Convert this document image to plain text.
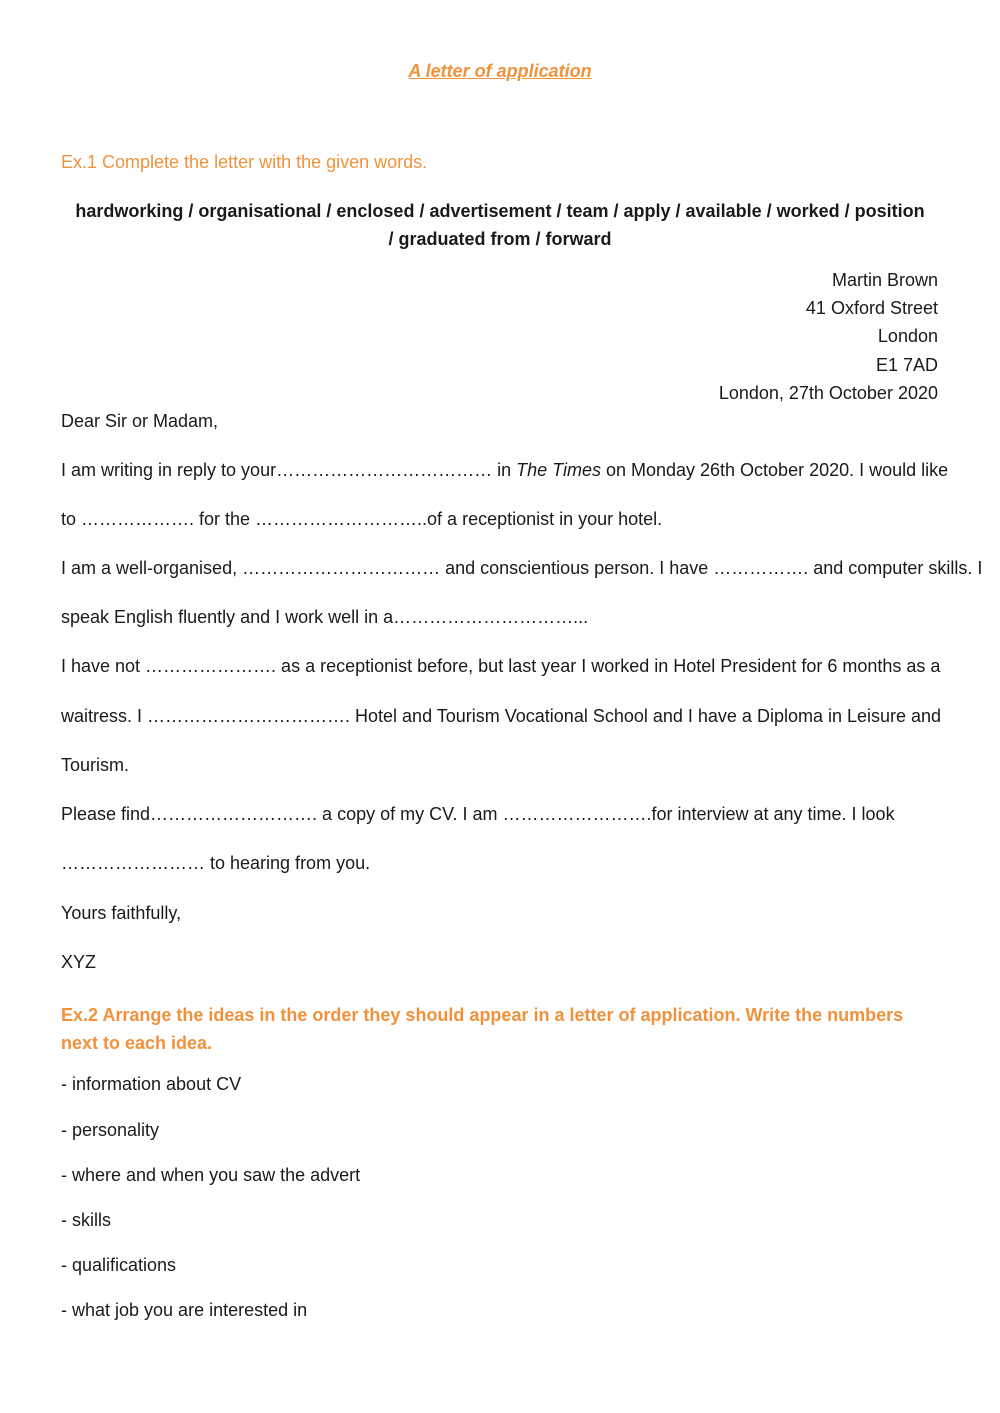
A letter of application
Ex.1 Complete the letter with the given words.
hardworking / organisational / enclosed / advertisement / team / apply / available / worked / position
/ graduated from / forward
Martin Brown
41 Oxford Street
London
E1 7AD
London, 27th October 2020
Dear Sir or Madam,
I am writing in reply to your……………………………… in The Times on Monday 26th October 2020. I would like
to ………………. for the ………………………..of a receptionist in your hotel.
I am a well-organised, …………………………… and conscientious person. I have ……………. and computer skills. I
speak English fluently and I work well in a…………………………...
I have not …………………. as a receptionist before, but last year I worked in Hotel President for 6 months as a
waitress. I ……………………………. Hotel and Tourism Vocational School and I have a Diploma in Leisure and
Tourism.
Please find………………………. a copy of my CV. I am …………………….for interview at any time. I look
…………………… to hearing from you.
Yours faithfully,
XYZ
Ex.2 Arrange the ideas in the order they should appear in a letter of application. Write the numbers next to each idea.
- information about CV
- personality
- where and when you saw the advert
- skills
- qualifications
- what job you are interested in
